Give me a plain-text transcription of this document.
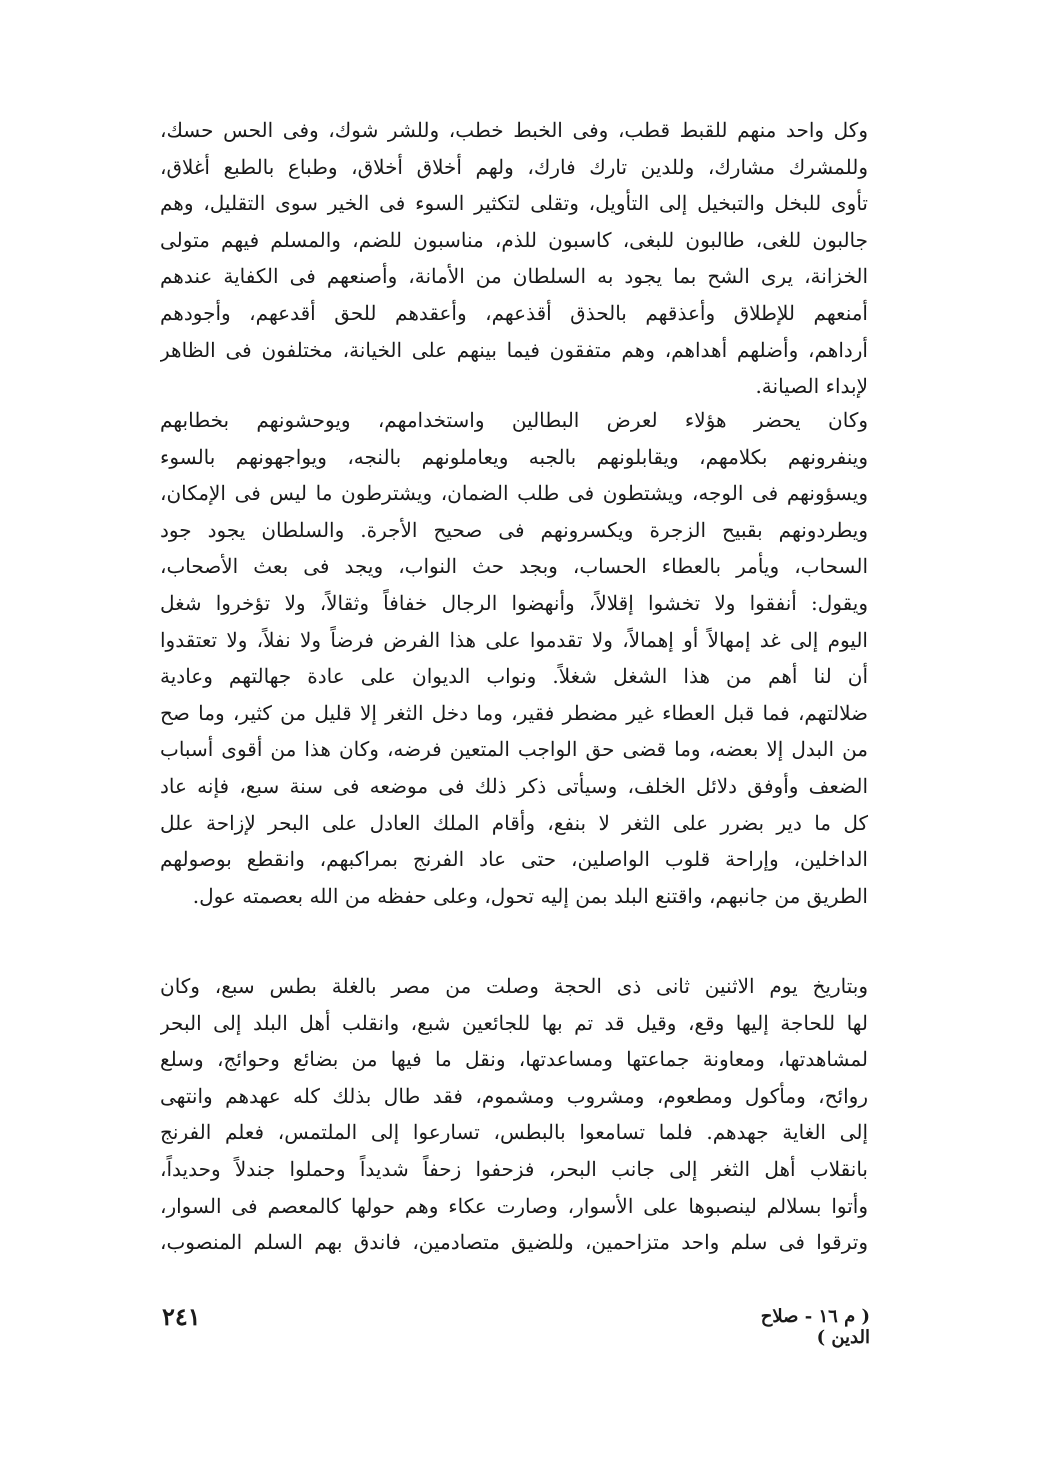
وكل واحد منهم للقبط قطب، وفى الخبط خطب، وللشر شوك، وفى الحس حسك،
وللمشرك مشارك، وللدين تارك فارك، ولهم أخلاق أخلاق، وطباع بالطبع أغلاق،
تأوى للبخل والتبخيل إلى التأويل، وتقلى لتكثير السوء فى الخير سوى التقليل، وهم
جالبون للغى، طالبون للبغى، كاسبون للذم، مناسبون للضم، والمسلم فيهم متولى
الخزانة، يرى الشح بما يجود به السلطان من الأمانة، وأصنعهم فى الكفاية عندهم
أمنعهم للإطلاق وأعذقهم بالحذق أقذعهم، وأعقدهم للحق أقدعهم، وأجودهم
أرداهم، وأضلهم أهداهم، وهم متفقون فيما بينهم على الخيانة، مختلفون فى الظاهر
لإبداء الصيانة.
وكان يحضر هؤلاء لعرض البطالين واستخدامهم، ويوحشونهم بخطابهم
وينفرونهم بكلامهم، ويقابلونهم بالجبه ويعاملونهم بالنجه، ويواجهونهم بالسوء
ويسؤونهم فى الوجه، ويشتطون فى طلب الضمان، ويشترطون ما ليس فى الإمكان،
ويطردونهم بقبيح الزجرة ويكسرونهم فى صحيح الأجرة. والسلطان يجود جود
السحاب، ويأمر بالعطاء الحساب، وبجد حث النواب، ويجد فى بعث الأصحاب،
ويقول: أنفقوا ولا تخشوا إقلالاً، وأنهضوا الرجال خفافاً وثقالاً، ولا تؤخروا شغل
اليوم إلى غد إمهالاً أو إهمالاً، ولا تقدموا على هذا الفرض فرضاً ولا نفلاً، ولا تعتقدوا
أن لنا أهم من هذا الشغل شغلاً. ونواب الديوان على عادة جهالتهم وعادية
ضلالتهم، فما قبل العطاء غير مضطر فقير، وما دخل الثغر إلا قليل من كثير، وما صح
من البدل إلا بعضه، وما قضى حق الواجب المتعين فرضه، وكان هذا من أقوى أسباب
الضعف وأوفق دلائل الخلف، وسيأتى ذكر ذلك فى موضعه فى سنة سبع، فإنه عاد
كل ما دير بضرر على الثغر لا بنفع، وأقام الملك العادل على البحر لإزاحة علل
الداخلين، وإراحة قلوب الواصلين، حتى عاد الفرنج بمراكبهم، وانقطع بوصولهم
الطريق من جانبهم، واقتنع البلد بمن إليه تحول، وعلى حفظه من الله بعصمته عول.
وبتاريخ يوم الاثنين ثانى ذى الحجة وصلت من مصر بالغلة بطس سبع، وكان
لها للحاجة إليها وقع، وقيل قد تم بها للجائعين شبع، وانقلب أهل البلد إلى البحر
لمشاهدتها، ومعاونة جماعتها ومساعدتها، ونقل ما فيها من بضائع وحوائج، وسلع
روائح، ومأكول ومطعوم، ومشروب ومشموم، فقد طال بذلك كله عهدهم وانتهى
إلى الغاية جهدهم. فلما تسامعوا بالبطس، تسارعوا إلى الملتمس، فعلم الفرنج
بانقلاب أهل الثغر إلى جانب البحر، فزحفوا زحفاً شديداً وحملوا جندلاً وحديداً،
وأتوا بسلالم لينصبوها على الأسوار، وصارت عكاء وهم حولها كالمعصم فى السوار،
وترقوا فى سلم واحد متزاحمين، وللضيق متصادمين، فاندق بهم السلم المنصوب،
٢٤١	( م ١٦ - صلاح الدين )
